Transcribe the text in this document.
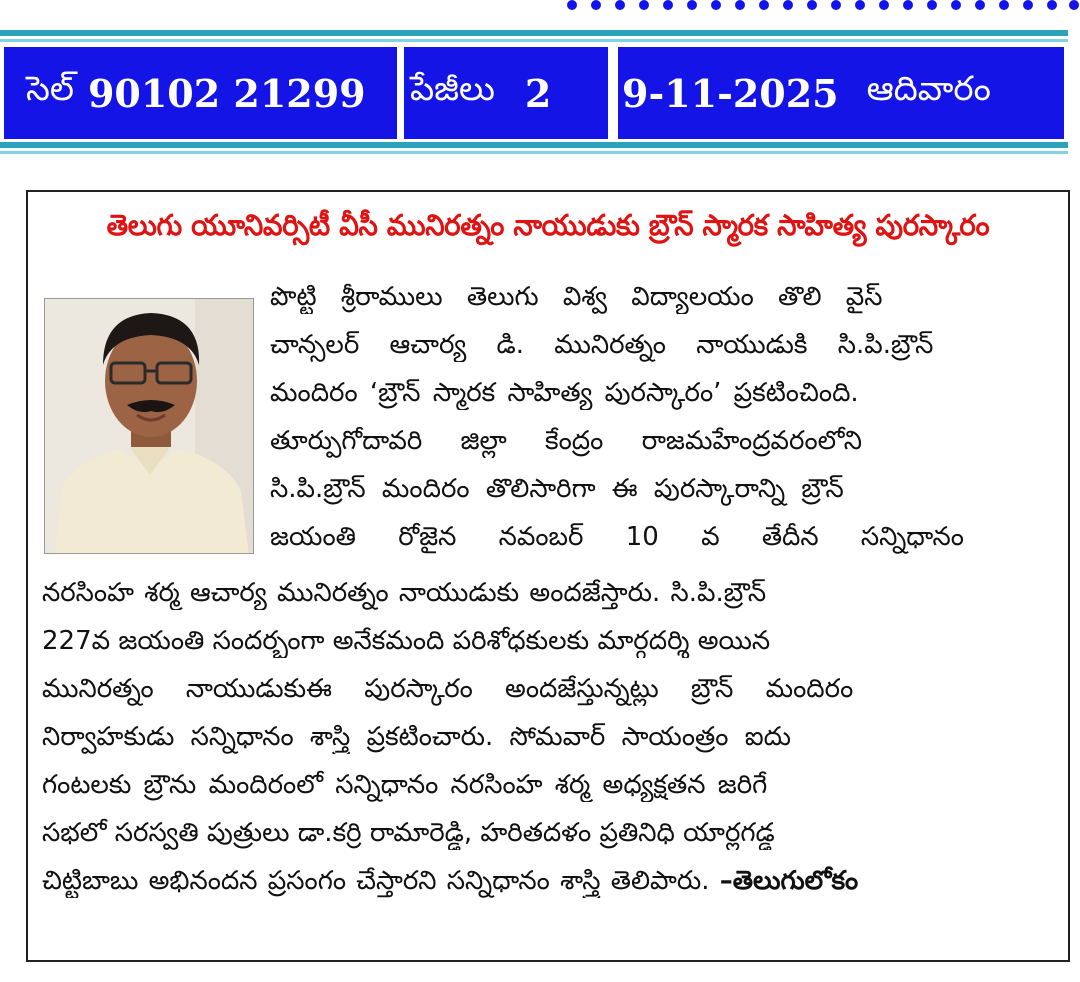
సెల్ 90102 21299 పేజీలు 2 9-11-2025 ఆదివారం
తెలుగు యూనివర్సిటీ వీసీ మునిరత్నం నాయుడుకు బ్రౌన్ స్మారక సాహిత్య పురస్కారం
పొట్టి శ్రీరాములు తెలుగు విశ్వ విద్యాలయం తొలి వైస్
చాన్సలర్ ఆచార్య డి. మునిరత్నం నాయుడుకి సి.పి.బ్రౌన్
మందిరం ‘బ్రౌన్ స్మారక సాహిత్య పురస్కారం’ ప్రకటించింది.
తూర్పుగోదావరి జిల్లా కేంద్రం రాజమహేంద్రవరంలోని
సి.పి.బ్రౌన్ మందిరం తొలిసారిగా ఈ పురస్కారాన్ని బ్రౌన్
జయంతి రోజైన నవంబర్ 10 వ తేదీన సన్నిధానం
నరసింహ శర్మ ఆచార్య మునిరత్నం నాయుడుకు అందజేస్తారు. సి.పి.బ్రౌన్
227వ జయంతి సందర్భంగా అనేకమంది పరిశోధకులకు మార్గదర్శి అయిన
మునిరత్నం నాయుడుకుఈ పురస్కారం అందజేస్తున్నట్లు బ్రౌన్ మందిరం
నిర్వాహకుడు సన్నిధానం శాస్త్రి ప్రకటించారు. సోమవార్ సాయంత్రం ఐదు
గంటలకు బ్రౌను మందిరంలో సన్నిధానం నరసింహ శర్మ అధ్యక్షతన జరిగే
సభలో సరస్వతి పుత్రులు డా.కర్రి రామారెడ్డి, హరితదళం ప్రతినిధి యార్లగడ్డ
చిట్టిబాబు అభినందన ప్రసంగం చేస్తారని సన్నిధానం శాస్త్రి తెలిపారు. –తెలుగులోకం
